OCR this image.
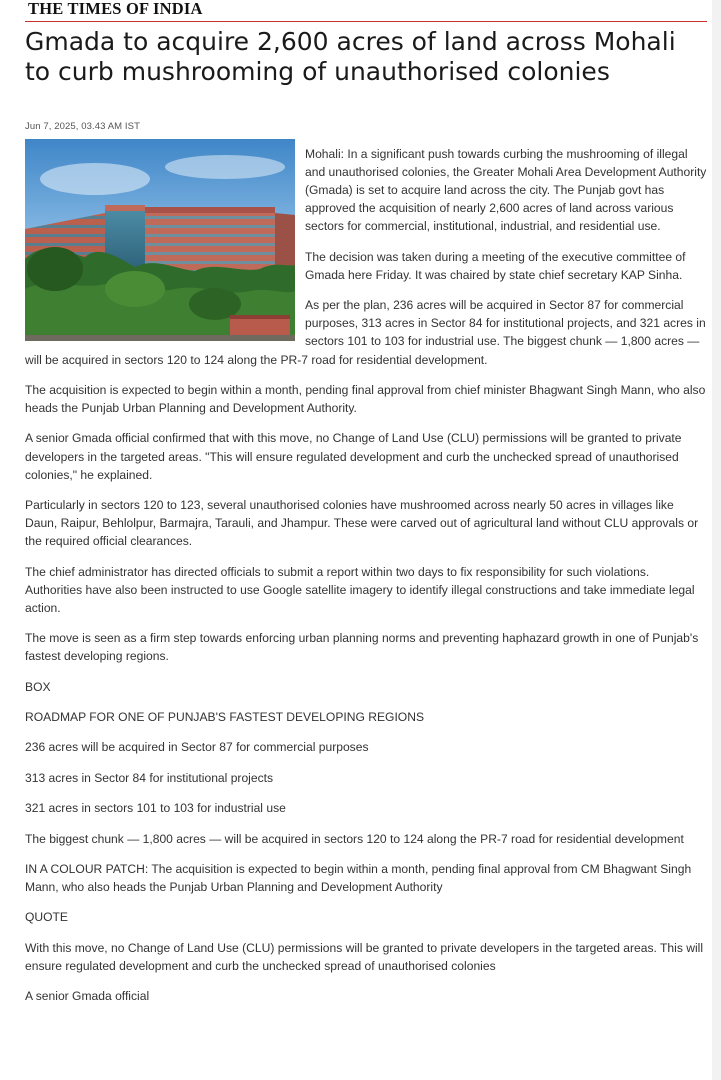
THE TIMES OF INDIA
Gmada to acquire 2,600 acres of land across Mohali to curb mushrooming of unauthorised colonies
Jun 7, 2025, 03.43 AM IST

Mohali: In a significant push towards curbing the mushrooming of illegal and unauthorised colonies, the Greater Mohali Area Development Authority (Gmada) is set to acquire land across the city. The Punjab govt has approved the acquisition of nearly 2,600 acres of land across various sectors for commercial, institutional, industrial, and residential use.

The decision was taken during a meeting of the executive committee of Gmada here Friday. It was chaired by state chief secretary KAP Sinha.

As per the plan, 236 acres will be acquired in Sector 87 for commercial purposes, 313 acres in Sector 84 for institutional projects, and 321 acres in sectors 101 to 103 for industrial use. The biggest chunk — 1,800 acres — will be acquired in sectors 120 to 124 along the PR-7 road for residential development.

The acquisition is expected to begin within a month, pending final approval from chief minister Bhagwant Singh Mann, who also heads the Punjab Urban Planning and Development Authority.

A senior Gmada official confirmed that with this move, no Change of Land Use (CLU) permissions will be granted to private developers in the targeted areas. "This will ensure regulated development and curb the unchecked spread of unauthorised colonies," he explained.

Particularly in sectors 120 to 123, several unauthorised colonies have mushroomed across nearly 50 acres in villages like Daun, Raipur, Behlolpur, Barmajra, Tarauli, and Jhampur. These were carved out of agricultural land without CLU approvals or the required official clearances.

The chief administrator has directed officials to submit a report within two days to fix responsibility for such violations. Authorities have also been instructed to use Google satellite imagery to identify illegal constructions and take immediate legal action.

The move is seen as a firm step towards enforcing urban planning norms and preventing haphazard growth in one of Punjab's fastest developing regions.

BOX

ROADMAP FOR ONE OF PUNJAB'S FASTEST DEVELOPING REGIONS

236 acres will be acquired in Sector 87 for commercial purposes

313 acres in Sector 84 for institutional projects

321 acres in sectors 101 to 103 for industrial use

The biggest chunk — 1,800 acres — will be acquired in sectors 120 to 124 along the PR-7 road for residential development

IN A COLOUR PATCH: The acquisition is expected to begin within a month, pending final approval from CM Bhagwant Singh Mann, who also heads the Punjab Urban Planning and Development Authority

QUOTE

With this move, no Change of Land Use (CLU) permissions will be granted to private developers in the targeted areas. This will ensure regulated development and curb the unchecked spread of unauthorised colonies

A senior Gmada official
